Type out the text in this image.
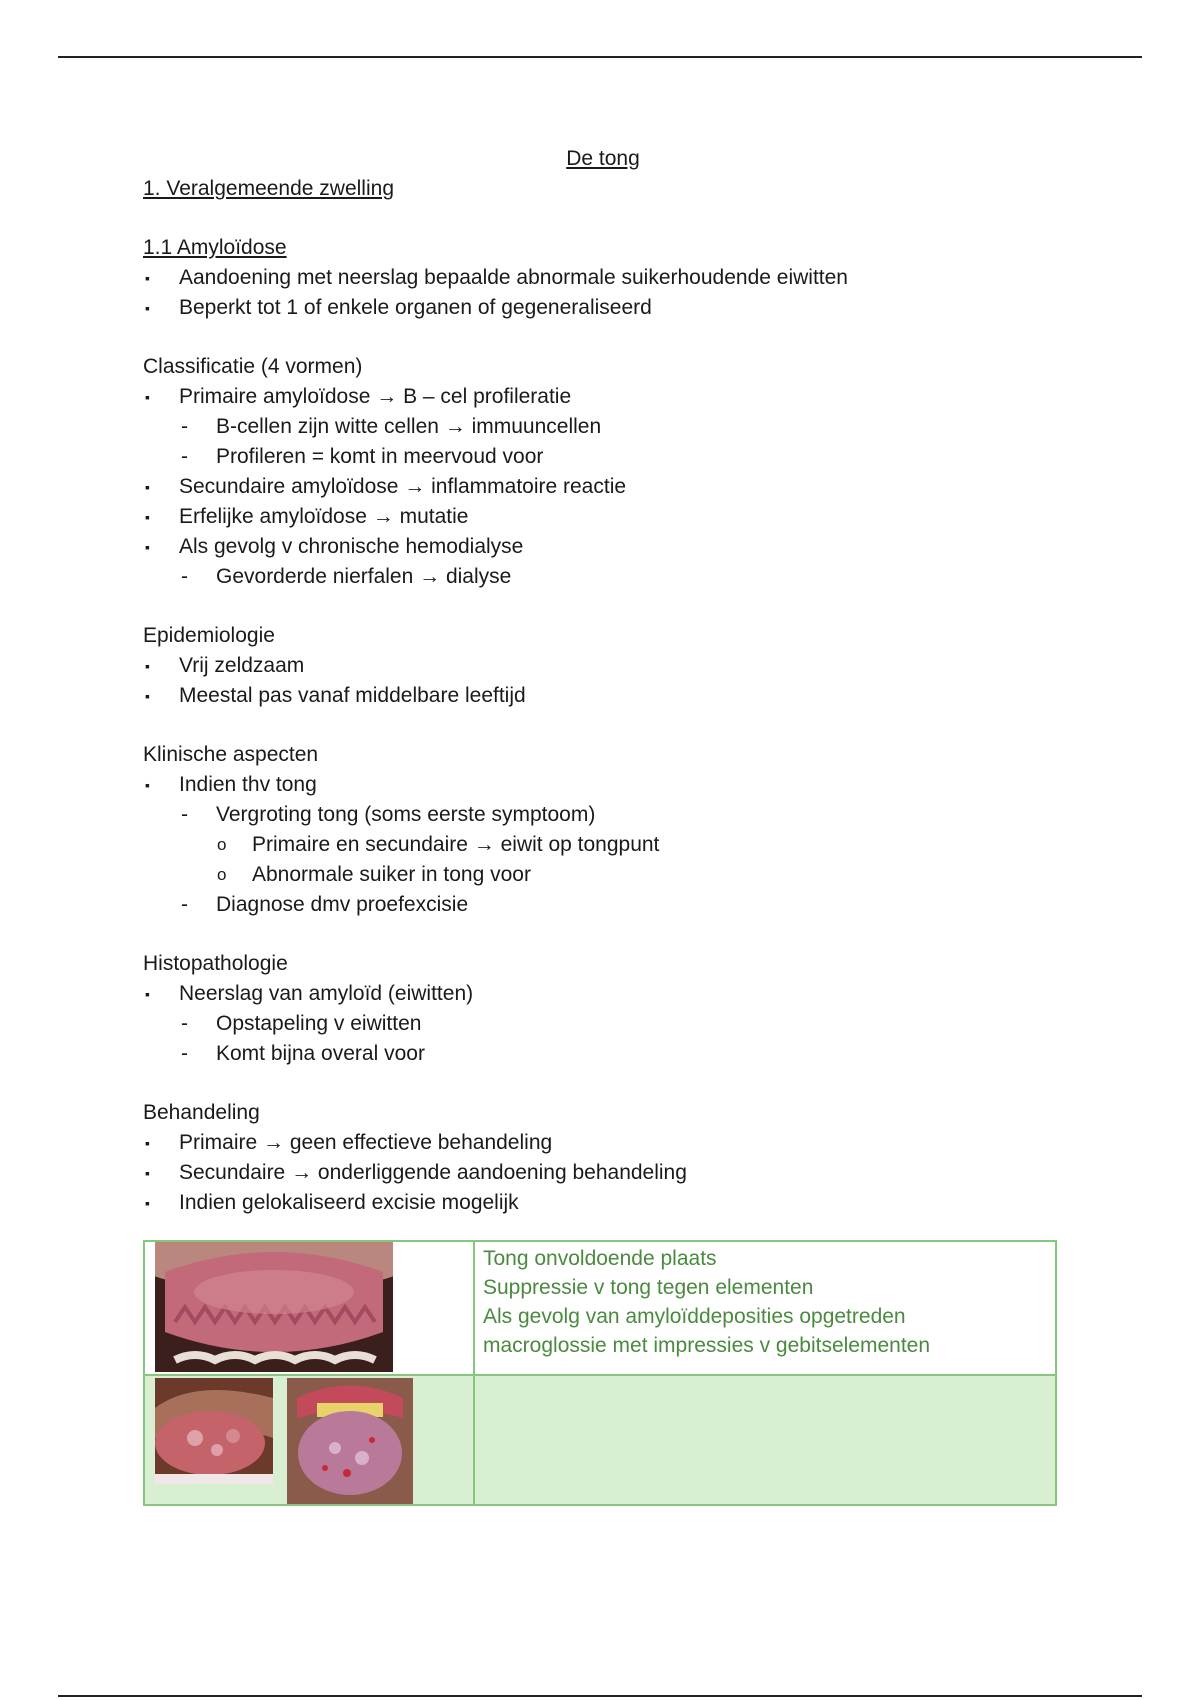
De tong
1. Veralgemeende zwelling
1.1 Amyloïdose
▪ Aandoening met neerslag bepaalde abnormale suikerhoudende eiwitten
▪ Beperkt tot 1 of enkele organen of gegeneraliseerd
Classificatie (4 vormen)
▪ Primaire amyloïdose → B – cel profileratie
- B-cellen zijn witte cellen → immuuncellen
- Profileren = komt in meervoud voor
▪ Secundaire amyloïdose → inflammatoire reactie
▪ Erfelijke amyloïdose → mutatie
▪ Als gevolg v chronische hemodialyse
- Gevorderde nierfalen → dialyse
Epidemiologie
▪ Vrij zeldzaam
▪ Meestal pas vanaf middelbare leeftijd
Klinische aspecten
▪ Indien thv tong
- Vergroting tong (soms eerste symptoom)
o Primaire en secundaire → eiwit op tongpunt
o Abnormale suiker in tong voor
- Diagnose dmv proefexcisie
Histopathologie
▪ Neerslag van amyloïd (eiwitten)
- Opstapeling v eiwitten
- Komt bijna overal voor
Behandeling
▪ Primaire → geen effectieve behandeling
▪ Secundaire → onderliggende aandoening behandeling
▪ Indien gelokaliseerd excisie mogelijk
Tong onvoldoende plaats
Suppressie v tong tegen elementen
Als gevolg van amyloïddeposities opgetreden
macroglossie met impressies v gebitselementen
